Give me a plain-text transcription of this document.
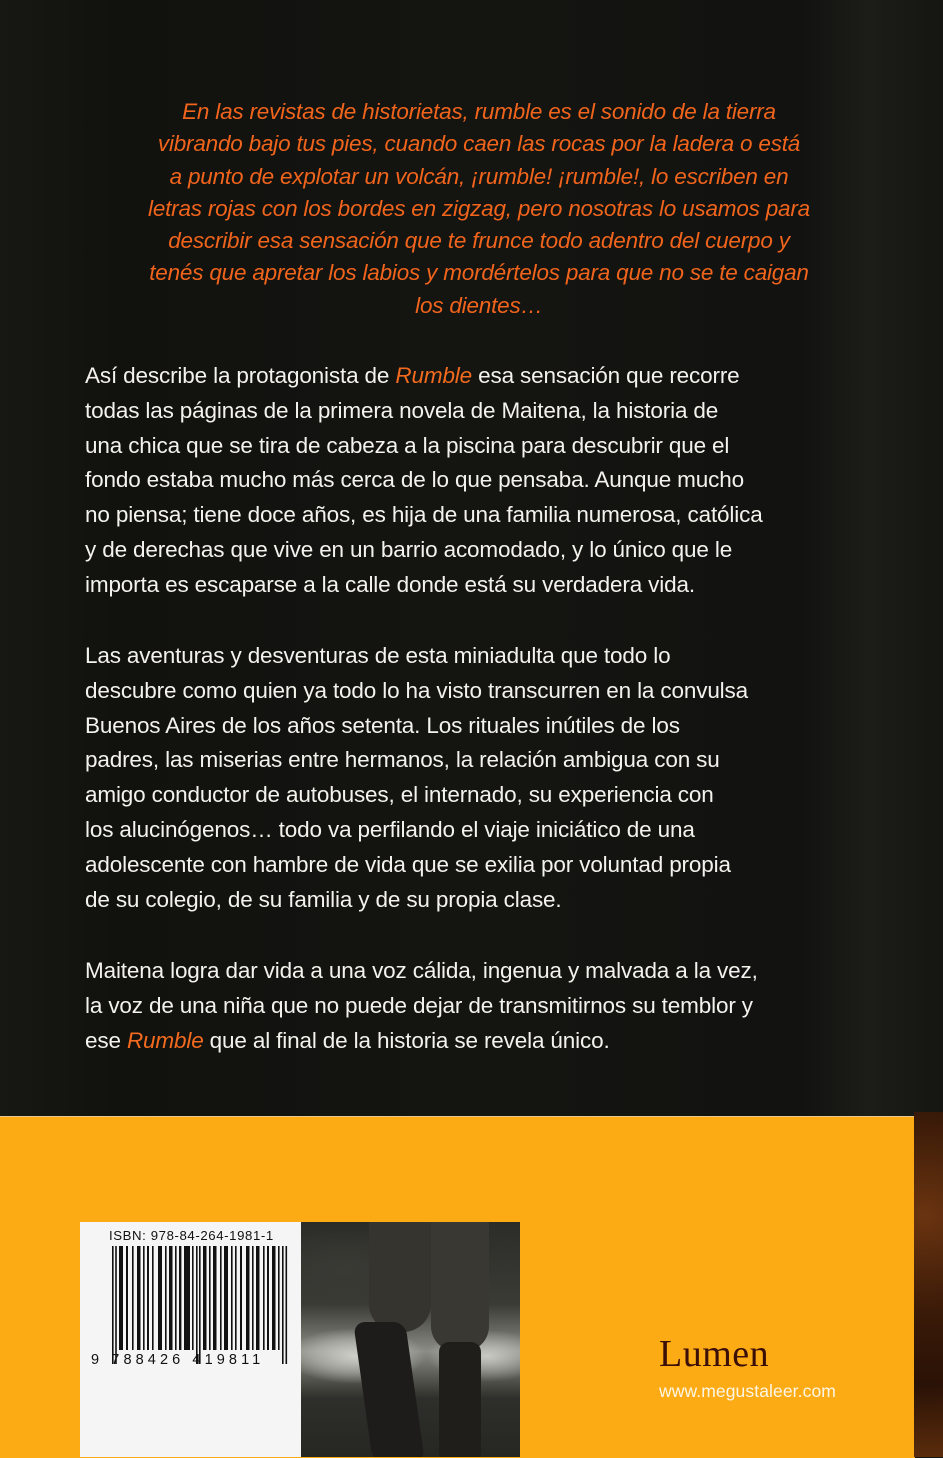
En las revistas de historietas, rumble es el sonido de la tierra
vibrando bajo tus pies, cuando caen las rocas por la ladera o está
a punto de explotar un volcán, ¡rumble! ¡rumble!, lo escriben en
letras rojas con los bordes en zigzag, pero nosotras lo usamos para
describir esa sensación que te frunce todo adentro del cuerpo y
tenés que apretar los labios y mordértelos para que no se te caigan
los dientes…

Así describe la protagonista de Rumble esa sensación que recorre
todas las páginas de la primera novela de Maitena, la historia de
una chica que se tira de cabeza a la piscina para descubrir que el
fondo estaba mucho más cerca de lo que pensaba. Aunque mucho
no piensa; tiene doce años, es hija de una familia numerosa, católica
y de derechas que vive en un barrio acomodado, y lo único que le
importa es escaparse a la calle donde está su verdadera vida.

Las aventuras y desventuras de esta miniadulta que todo lo
descubre como quien ya todo lo ha visto transcurren en la convulsa
Buenos Aires de los años setenta. Los rituales inútiles de los
padres, las miserias entre hermanos, la relación ambigua con su
amigo conductor de autobuses, el internado, su experiencia con
los alucinógenos… todo va perfilando el viaje iniciático de una
adolescente con hambre de vida que se exilia por voluntad propia
de su colegio, de su familia y de su propia clase.

Maitena logra dar vida a una voz cálida, ingenua y malvada a la vez,
la voz de una niña que no puede dejar de transmitirnos su temblor y
ese Rumble que al final de la historia se revela único.

ISBN: 978-84-264-1981-1
9 788426 419811	Lumen
www.megustaleer.com
